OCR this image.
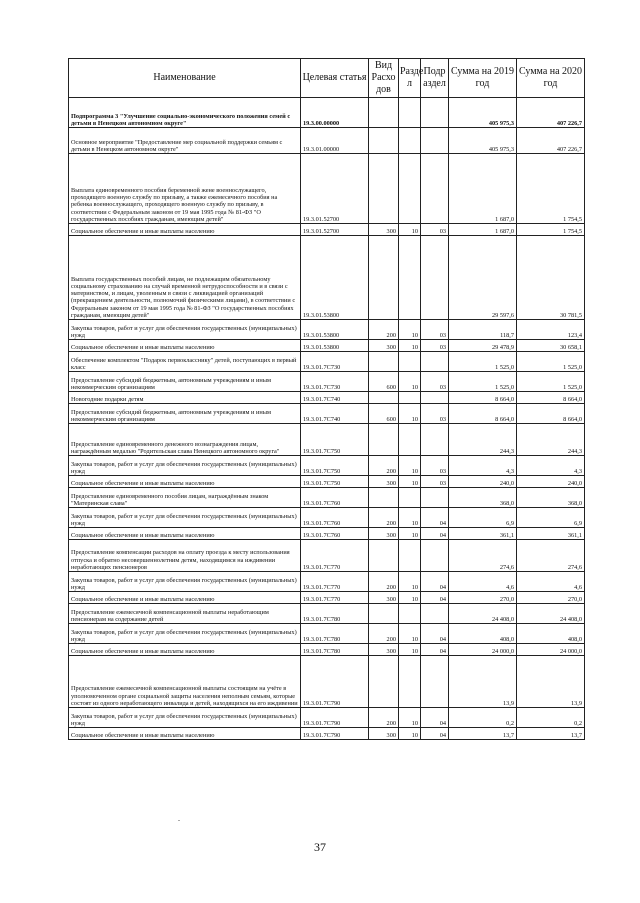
Наименование	Целевая статья	Вид Расхо дов	Разде л	Подр аздел	Сумма на 2019 год	Сумма на 2020 год
Подпрограмма 3 "Улучшение социально-экономического положения семей с детьми в Ненецком автономном округе"	19.3.00.00000				405 975,3	407 226,7
Основное мероприятие "Предоставление мер социальной поддержки семьям с детьми в Ненецком автономном округе"	19.3.01.00000				405 975,3	407 226,7
Выплата единовременного пособия беременной жене военнослужащего, проходящего военную службу по призыву, а также ежемесячного пособия на ребенка военнослужащего, проходящего военную службу по призыву, в соответствии с Федеральным законом от 19 мая 1995 года № 81-ФЗ "О государственных пособиях гражданам, имеющим детей"	19.3.01.52700				1 687,0	1 754,5
Социальное обеспечение и иные выплаты населению	19.3.01.52700	300	10	03	1 687,0	1 754,5
Выплата государственных пособий лицам, не подлежащим обязательному социальному страхованию на случай временной нетрудоспособности и в связи с материнством, и лицам, уволенным в связи с ликвидацией организаций (прекращением деятельности, полномочий физическими лицами), в соответствии с Федеральным законом от 19 мая 1995 года № 81-ФЗ "О государственных пособиях гражданам, имеющим детей"	19.3.01.53800				29 597,6	30 781,5
Закупка товаров, работ и услуг для обеспечения государственных (муниципальных) нужд	19.3.01.53800	200	10	03	118,7	123,4
Социальное обеспечение и иные выплаты населению	19.3.01.53800	300	10	03	29 478,9	30 658,1
Обеспечение комплектом "Подарок первокласснику" детей, поступающих в первый класс	19.3.01.7С730				1 525,0	1 525,0
Предоставление субсидий бюджетным, автономным учреждениям и иным некоммерческим организациям	19.3.01.7С730	600	10	03	1 525,0	1 525,0
Новогодние подарки детям	19.3.01.7С740				8 664,0	8 664,0
Предоставление субсидий бюджетным, автономным учреждениям и иным некоммерческим организациям	19.3.01.7С740	600	10	03	8 664,0	8 664,0
Предоставление единовременного денежного вознаграждения лицам, награждённым медалью "Родительская слава Ненецкого автономного округа"	19.3.01.7С750				244,3	244,3
Закупка товаров, работ и услуг для обеспечения государственных (муниципальных) нужд	19.3.01.7С750	200	10	03	4,3	4,3
Социальное обеспечение и иные выплаты населению	19.3.01.7С750	300	10	03	240,0	240,0
Предоставление единовременного пособия лицам, награждённым знаком "Материнская слава"	19.3.01.7С760				368,0	368,0
Закупка товаров, работ и услуг для обеспечения государственных (муниципальных) нужд	19.3.01.7С760	200	10	04	6,9	6,9
Социальное обеспечение и иные выплаты населению	19.3.01.7С760	300	10	04	361,1	361,1
Предоставление компенсации расходов на оплату проезда к месту использования отпуска и обратно несовершеннолетним детям, находящимся на иждивении неработающих пенсионеров	19.3.01.7С770				274,6	274,6
Закупка товаров, работ и услуг для обеспечения государственных (муниципальных) нужд	19.3.01.7С770	200	10	04	4,6	4,6
Социальное обеспечение и иные выплаты населению	19.3.01.7С770	300	10	04	270,0	270,0
Предоставление ежемесячной компенсационной выплаты неработающим пенсионерам на содержание детей	19.3.01.7С780				24 408,0	24 408,0
Закупка товаров, работ и услуг для обеспечения государственных (муниципальных) нужд	19.3.01.7С780	200	10	04	408,0	408,0
Социальное обеспечение и иные выплаты населению	19.3.01.7С780	300	10	04	24 000,0	24 000,0
Предоставление ежемесячной компенсационной выплаты состоящим на учёте в уполномоченном органе социальной защиты населения неполным семьям, которые состоят из одного неработающего инвалида и детей, находящихся на его иждивении	19.3.01.7С790				13,9	13,9
Закупка товаров, работ и услуг для обеспечения государственных (муниципальных) нужд	19.3.01.7С790	200	10	04	0,2	0,2
Социальное обеспечение и иные выплаты населению	19.3.01.7С790	300	10	04	13,7	13,7
37
